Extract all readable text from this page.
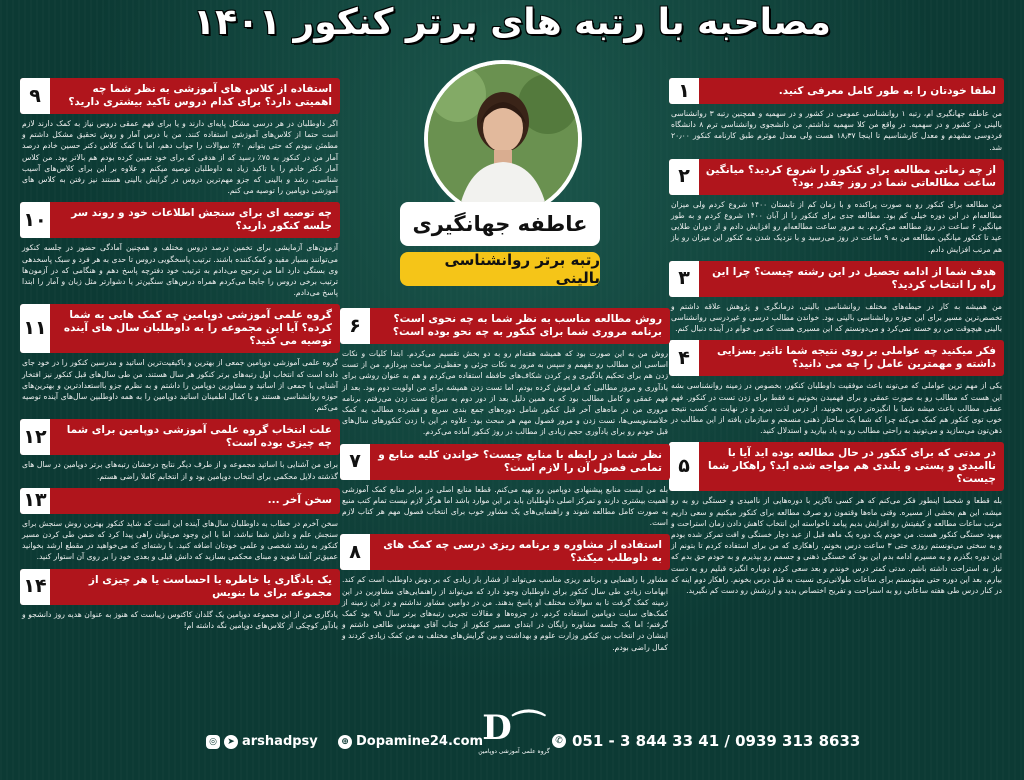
مصاحبه با رتبه های برتر کنکور ۱۴۰۱
عاطفه جهانگیری
رتبه برتر روانشناسی بالینی
۱	لطفا خودتان را به طور کامل معرفی کنید.
من عاطفه جهانگیری ام، رتبه ۱ روانشناسی عمومی در کشور و در سهمیه و همچنین رتبه ۳ روانشناسی بالینی در کشور و در سهمیه. در واقع من کلا سهمیه نداشتم. من دانشجوی روانشناسی ترم ۸ دانشگاه فردوسی مشهدم و معدل کارشناسیم تا اینجا ۱۸٫۳۷ هست ولی معدل موثرم طبق کارنامه کنکور ۲۰٫۰۰ شد.
۲	از چه زمانی مطالعه برای کنکور را شروع کردید؟ میانگین ساعت مطالعاتی شما در روز چقدر بود؟
من مطالعه برای کنکور رو به صورت پراکنده و با زمان کم از تابستان ۱۴۰۰ شروع کردم ولی میزان مطالعه‌ام در این دوره خیلی کم بود. مطالعه جدی برای کنکور را از آبان ۱۴۰۰ شروع کردم و به طور میانگین ۶ ساعت در روز مطالعه می‌کردم. به مرور ساعت مطالعه‌ام رو افزایش دادم و از دوران طلایی عید تا کنکور میانگین مطالعه من به ۹ ساعت در روز می‌رسید و با نزدیک شدن به کنکور این میزان رو باز هم مرتب افزایش دادم.
۳	هدف شما از ادامه تحصیل در این رشته چیست؟ چرا این راه را انتخاب کردید؟
من همیشه به کار در حیطه‌های مختلف روانشناسی بالینی، درمانگری و پژوهش علاقه داشتم و تخصص‌ترین مسیر برای این حوزه روانشناسی بالینی بود. خواندن مطالب درسی و غیردرسی روانشناسی بالینی هیچوقت من رو خسته نمی‌کرد و می‌دونستم که این مسیری هست که می خوام در آینده دنبال کنم.
۴	فکر میکنید چه عواملی بر روی نتیجه شما تاثیر بسزایی داشته و مهمترین عامل را چه می دانید؟
یکی از مهم ترین عواملی که می‌تونه باعث موفقیت داوطلبان کنکور، بخصوص در زمینه روانشناسی بشه این هست که مطالب رو به صورت عمقی و برای فهمیدن بخونیم نه فقط برای زدن تست در کنکور. فهم عمقی مطالب باعث میشه شما با انگیزه‌تر درس بخونید، از درس لذت ببرید و در نهایت به کسب نتیجه خوب توی کنکور هم کمک می‌کنه چرا که شما یک ساختار ذهنی منسجم و سازمان یافته از این مطالب در ذهن‌تون می‌سازید و می‌تونید به راحتی مطالب رو به یاد بیارید و استدلال کنید.
۵
در مدتی که برای کنکور در حال مطالعه بوده اید آیا با ناامیدی و پستی و بلندی هم مواجه شده اید؟ راهکار شما چیست؟
بله قطعا و شخصا اینطور فکر می‌کنم که هر کسی ناگزیر با دوره‌هایی از ناامیدی و خستگی رو به رو میشه، این هم بخشی از مسیره. وقتی ماه‌ها وقتمون رو صرف مطالعه برای کنکور میکنیم و سعی داریم مرتب ساعات مطالعه و کیفیتش رو افزایش بدیم پیامد ناخواسته این انتخاب کاهش دادن زمان استراحت و بهبود خستگی کنکور هست. من خودم یک دوره یک ماهه قبل از عید دچار خستگی و افت تمرکز شده بودم و به سختی می‌تونستم روزی حتی ۳ ساعت درس بخونم. راهکاری که من برای استفاده کردم تا بتونم از این دوره بگذرم و به مسیرم ادامه بدم این بود که خستگی ذهنی و جسمم رو بپذیرم و به خودم حق بدم که نیاز به استراحت داشته باشم. مدتی کمتر درس خوندم و بعد سعی کردم دوباره انگیزه قبلیم رو به دست بیارم. بعد این دوره حتی میتونستم برای ساعات طولانی‌تری نسبت به قبل درس بخونم. راهکار دوم اینه که در کنار درس طی هفته ساعاتی رو به استراحت و تفریح اختصاص بدید و ارزشش رو دست کم نگیرید.
۶	روش مطالعه مناسب به نظر شما به چه نحوی است؟ برنامه مروری شما برای کنکور به چه نحو بوده است؟
روش من به این صورت بود که همیشه هفته‌ام رو به دو بخش تقسیم می‌کردم. ابتدا کلیات و نکات اساسی این مطالب رو بفهمم و سپس به مرور به نکات جزئی و حفظی‌تر مباحث بپردازم. من از تست زدن هم برای تحکیم یادگیری و پر کردن شکاف‌های حافظه استفاده می‌کردم و هم به عنوان روشی برای یادآوری و مرور مطالبی که فراموش کرده بودم. اما تست زدن همیشه برای من اولویت دوم بود. بعد از فهم عمقی و کامل مطالب بود که به همین دلیل بعد از دور دوم به سراغ تست زدن می‌رفتم. برنامه مروری من در ماه‌های آخر قبل کنکور شامل دوره‌های جمع بندی سریع و فشرده مطالب به کمک خلاصه‌نویسی‌ها، تست زدن و مرور فصول مهم هر مبحث بود. علاوه بر این با زدن کنکورهای سال‌های قبل خودم رو برای یادآوری حجم زیادی از مطالب در روز کنکور آماده می‌کردم.
۷	نظر شما در رابطه با منابع چیست؟ خواندن کلیه منابع و تمامی فصول آن را لازم است؟
بله من لیست منابع پیشنهادی دوپامین رو تهیه می‌کنم. قطعا منابع اصلی در برابر منابع کمک آموزشی اهمیت بیشتری دارند و تمرکز اصلی داوطلبان باید بر این موارد باشد اما هرگز لازم نیست تمام کتب منبع به صورت کامل مطالعه شوند و راهنمایی‌های یک مشاور خوب برای انتخاب فصول مهم هر کتاب لازم است.
۸	استفاده از مشاوره و برنامه ریزی درسی چه کمک های به داوطلب میکند؟
مشاور با راهنمایی و برنامه ریزی مناسب می‌تواند از فشار بار زیادی که بر دوش داوطلب است کم کند. ابهامات زیادی طی سال کنکور برای داوطلبان وجود دارد که می‌تواند از راهنمایی‌های مشاورین در این زمینه کمک گرفت تا به سوالات مختلف او پاسخ بدهند. من در دوامین مشاور نداشتم و در این زمینه از کمک‌های سایت دوپامین استفاده کردم. در جزوه‌ها و مقالات تجربی رتبه‌های برتر سال ۹۸ بود کمک گرفتم؛ اما یک جلسه مشاوره رایگان در ابتدای مسیر کنکور از جناب آقای مهندس طالعی داشتم و اینشان در انتخاب بین کنکور وزارت علوم و بهداشت و بین گرایش‌های مختلف به من کمک زیادی کردند و کمال راضی بودم.
۹	استفاده از کلاس های آموزشی به نظر شما چه اهمیتی دارد؟ برای کدام دروس تاکید بیشتری دارید؟
اگر داوطلبان در هر درسی مشکل پایه‌ای دارند و یا برای فهم عمقی دروس نیاز به کمک دارند لازم است حتما از کلاس‌های آموزشی استفاده کنند. من با درس آمار و روش تحقیق مشکل داشتم و مطمئن نبودم که حتی بتوانم ۴۰٪ سوالات را جواب دهم، اما با کمک کلاس دکتر حسین خادم درصد آمار من در کنکور به ۷۵٪ رسید که از هدفی که برای خود تعیین کرده بودم هم بالاتر بود. من کلاس آمار دکتر خادم را با تاکید زیاد به داوطلبان توصیه میکنم و علاوه بر این برای کلاس‌های آسیب شناسی، رشد و بالینی که جزو مهم‌ترین دروس در گرایش بالینی هستند نیز رفتن به کلاس های آموزشی دوپامین را توصیه می کنم.
۱۰	چه توصیه ای برای سنجش اطلاعات خود و روند سر جلسه کنکور دارید؟
آزمون‌های آزمایشی برای تخمین درصد دروس مختلف و همچنین آمادگی حضور در جلسه کنکور می‌توانند بسیار مفید و کمک‌کننده باشند. ترتیب پاسخگویی دروس تا حدی به هر فرد و سبک پاسخدهی وی بستگی دارد اما من ترجیح می‌دادم به ترتیب خود دفترچه پاسخ دهم و هنگامی که در آزمون‌ها ترتیب برخی دروس را جابجا می‌کردم همراه درس‌های سنگین‌تر یا دشوارتر مثل زبان و آمار را ابتدا پاسخ می‌دادم.
۱۱
گروه علمی آموزشی دوپامین چه کمک هایی به شما کرده؟ آیا این مجموعه را به داوطلبان سال های آینده توصیه می کنید؟
گروه علمی آموزشی دوپامین جمعی از بهترین و باکیفیت‌ترین اساتید و مدرسین کنکور را در خود جای داده است که انتخاب اول رتبه‌های برتر کنکور هر سال هستند. من طی سال‌های قبل کنکور نیز افتخار آشنایی با جمعی از اساتید و مشاورین دوپامین را داشتم و به نظرم جزو بااستعدادترین و بهترین‌های حوزه روانشناسی هستند و با کمال اطمینان اساتید دوپامین را به همه داوطلبین سال‌های آینده توصیه می‌کنم.
۱۲	علت انتخاب گروه علمی آموزشی دوپامین برای شما چه چیزی بوده است؟
برای من آشنایی با اساتید مجموعه و از طرف دیگر نتایج درخشان رتبه‌های برتر دوپامین در سال های گذشته دلایل محکمی برای انتخاب دوپامین بود و از انتخابم کاملا راضی هستم.
۱۳	سخن آخر ...
سخن آخرم در خطاب به داوطلبان سال‌های آینده این است که شاید کنکور بهترین روش سنجش برای سنجش علم و دانش شما نباشد، اما با این وجود می‌توان راهی پیدا کرد که ضمن طی کردن مسیر کنکور به رشد شخصی و علمی خودتان اضافه کنید. با رشته‌ای که می‌خواهید در مقطع ارشد بخوانید عمیق‌تر آشنا شوید و مبنای محکمی بسازید که دانش قبلی و بعدی خود را بر روی آن استوار کنید.
۱۴	یک یادگاری یا خاطره یا احساست یا هر چیزی از مجموعه برای ما بنویس
یادگاری من از این مجموعه دوپامین یک گلدان کاکتوس زیباست که هنوز به عنوان هدیه روز دانشجو و یادآور کوچکی از کلاس‌های دوپامین نگه داشته ام!
◎	➤ arshadpsy	⊕ Dopamine24.com D⌒
گروه علمی آموزشی دوپامین
✆ 051 - 3 844 33 41 / 0939 313 8633
